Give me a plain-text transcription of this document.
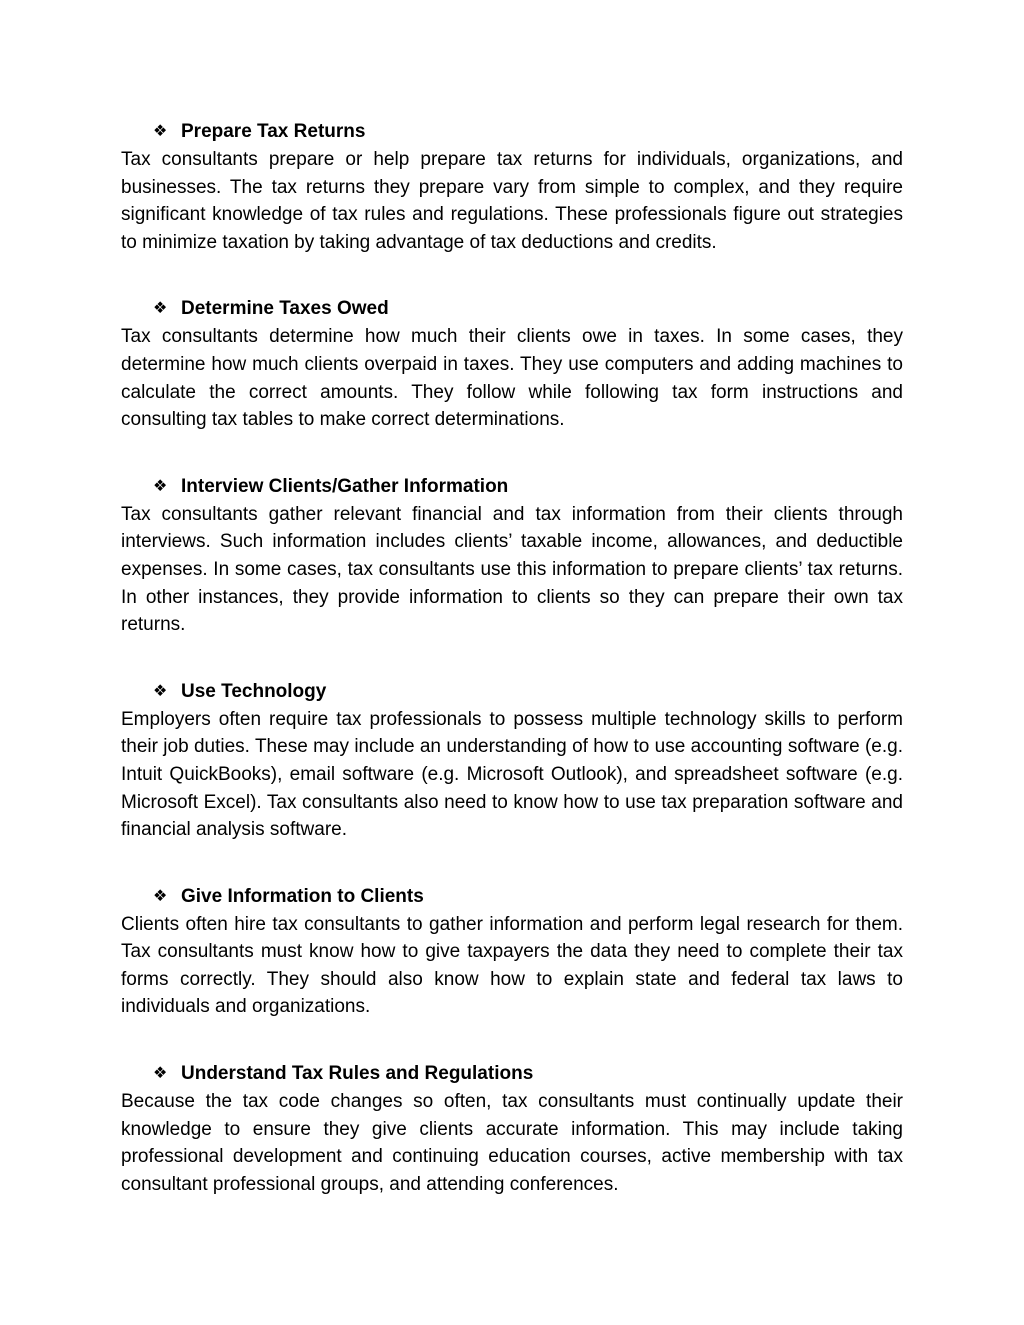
❖ Prepare Tax Returns

Tax consultants prepare or help prepare tax returns for individuals, organizations, and businesses. The tax returns they prepare vary from simple to complex, and they require significant knowledge of tax rules and regulations. These professionals figure out strategies to minimize taxation by taking advantage of tax deductions and credits.

❖ Determine Taxes Owed

Tax consultants determine how much their clients owe in taxes. In some cases, they determine how much clients overpaid in taxes. They use computers and adding machines to calculate the correct amounts. They follow while following tax form instructions and consulting tax tables to make correct determinations.

❖ Interview Clients/Gather Information

Tax consultants gather relevant financial and tax information from their clients through interviews. Such information includes clients’ taxable income, allowances, and deductible expenses. In some cases, tax consultants use this information to prepare clients’ tax returns. In other instances, they provide information to clients so they can prepare their own tax returns.

❖ Use Technology

Employers often require tax professionals to possess multiple technology skills to perform their job duties. These may include an understanding of how to use accounting software (e.g. Intuit QuickBooks), email software (e.g. Microsoft Outlook), and spreadsheet software (e.g. Microsoft Excel). Tax consultants also need to know how to use tax preparation software and financial analysis software.

❖ Give Information to Clients

Clients often hire tax consultants to gather information and perform legal research for them. Tax consultants must know how to give taxpayers the data they need to complete their tax forms correctly. They should also know how to explain state and federal tax laws to individuals and organizations.

❖ Understand Tax Rules and Regulations

Because the tax code changes so often, tax consultants must continually update their knowledge to ensure they give clients accurate information. This may include taking professional development and continuing education courses, active membership with tax consultant professional groups, and attending conferences.
